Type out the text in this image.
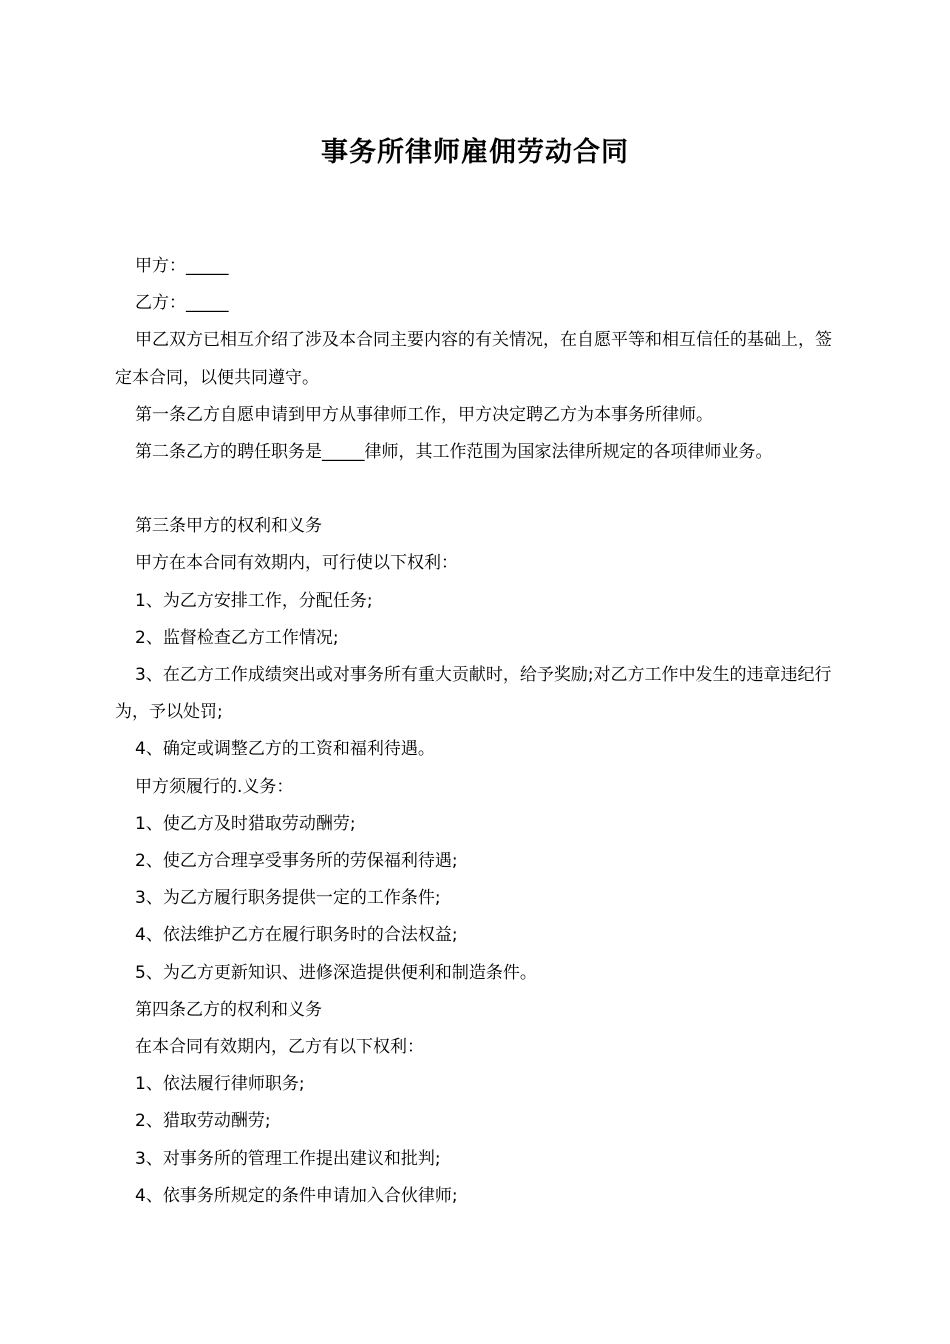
事务所律师雇佣劳动合同

甲方：_____

乙方：_____

甲乙双方已相互介绍了涉及本合同主要内容的有关情况，在自愿平等和相互信任的基础上，签定本合同，以便共同遵守。

第一条乙方自愿申请到甲方从事律师工作，甲方决定聘乙方为本事务所律师。

第二条乙方的聘任职务是_____律师，其工作范围为国家法律所规定的各项律师业务。

第三条甲方的权利和义务

甲方在本合同有效期内，可行使以下权利：

1、为乙方安排工作，分配任务;

2、监督检查乙方工作情况;

3、在乙方工作成绩突出或对事务所有重大贡献时，给予奖励;对乙方工作中发生的违章违纪行为，予以处罚;

4、确定或调整乙方的工资和福利待遇。

甲方须履行的.义务：

1、使乙方及时猎取劳动酬劳;

2、使乙方合理享受事务所的劳保福利待遇;

3、为乙方履行职务提供一定的工作条件;

4、依法维护乙方在履行职务时的合法权益;

5、为乙方更新知识、进修深造提供便利和制造条件。

第四条乙方的权利和义务

在本合同有效期内，乙方有以下权利：

1、依法履行律师职务;

2、猎取劳动酬劳;

3、对事务所的管理工作提出建议和批判;

4、依事务所规定的条件申请加入合伙律师;
